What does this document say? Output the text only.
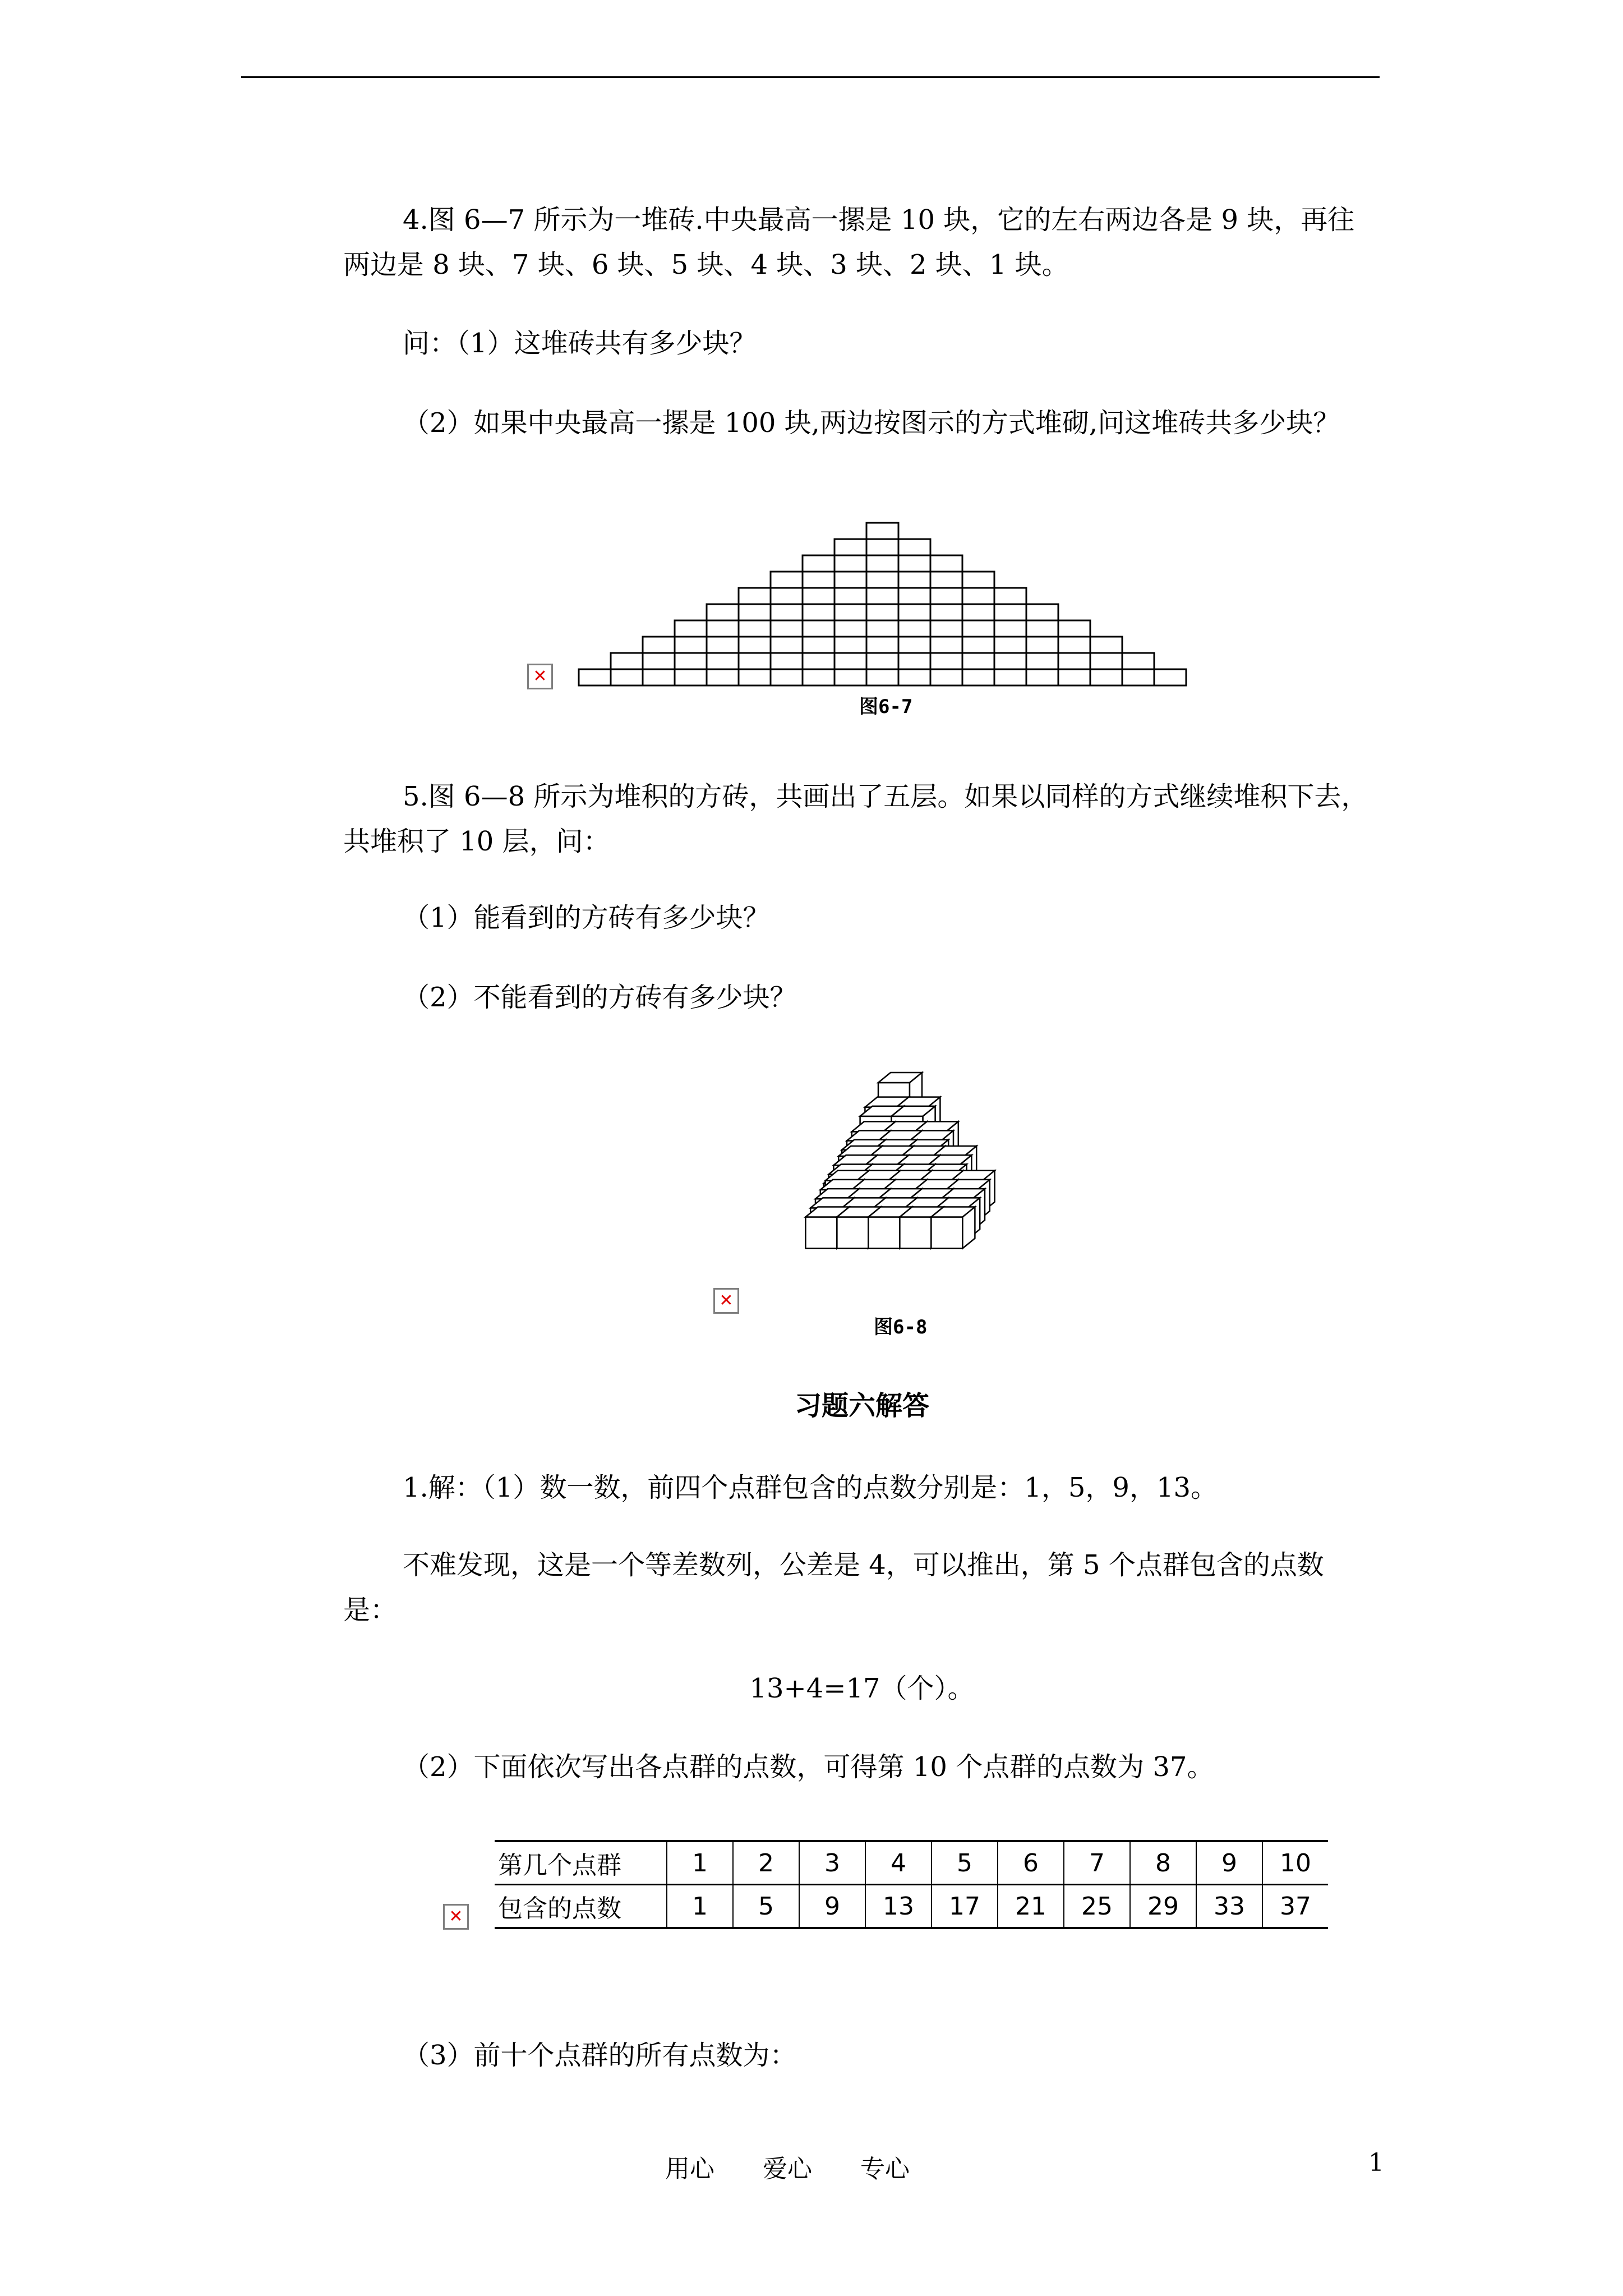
4.图 6—7 所示为一堆砖.中央最高一摞是 10 块，它的左右两边各是 9 块，再往

两边是 8 块、7 块、6 块、5 块、4 块、3 块、2 块、1 块。

问：（1）这堆砖共有多少块？

（2）如果中央最高一摞是 100 块,两边按图示的方式堆砌,问这堆砖共多少块？

✕
图6-7

5.图 6—8 所示为堆积的方砖，共画出了五层。如果以同样的方式继续堆积下去，

共堆积了 10 层，问：

（1）能看到的方砖有多少块？

（2）不能看到的方砖有多少块？

✕
图6-8

习题六解答

1.解：（1）数一数，前四个点群包含的点数分别是：1，5，9，13。

不难发现，这是一个等差数列，公差是 4，可以推出，第 5 个点群包含的点数

是：

13+4=17（个）。

（2）下面依次写出各点群的点数，可得第 10 个点群的点数为 37。

✕
第几个点群	1	2	3	4	5	6	7	8	9	10
包含的点数	1	5	9	13	17	21	25	29	33	37

（3）前十个点群的所有点数为：

用心 爱心 专心	1
